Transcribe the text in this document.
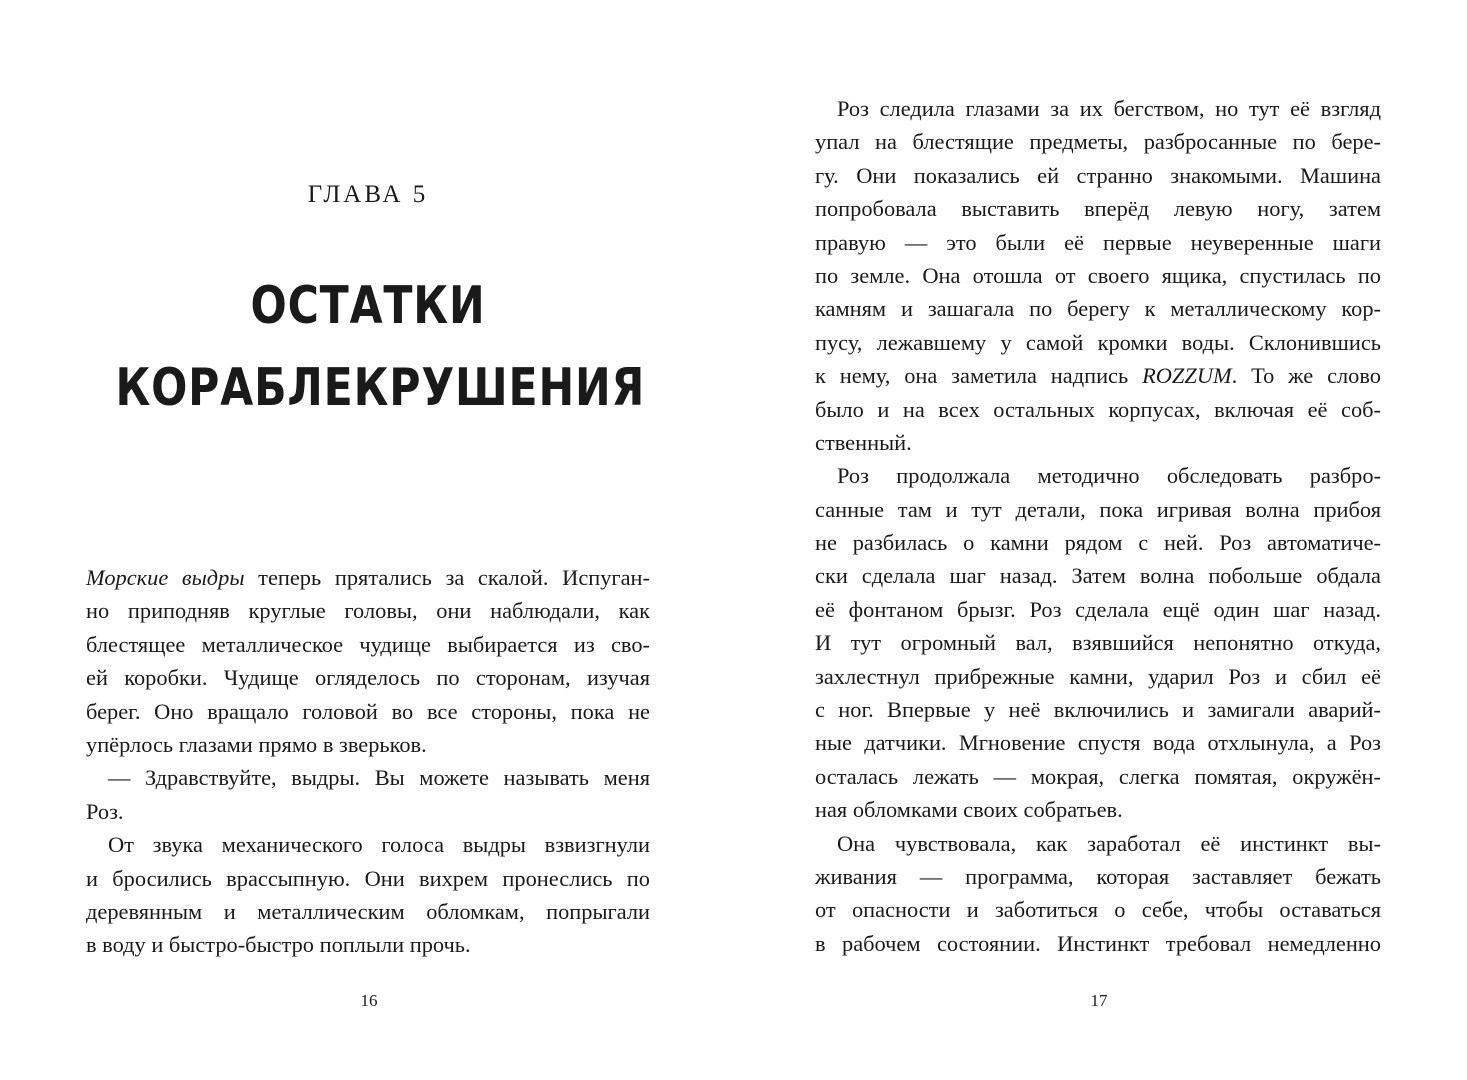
ГЛАВА 5
ОСТАТКИ
КОРАБЛЕКРУШЕНИЯ
Морские выдры теперь прятались за скалой. Испуган-
но приподняв круглые головы, они наблюдали, как
блестящее металлическое чудище выбирается из сво-
ей коробки. Чудище огляделось по сторонам, изучая
берег. Оно вращало головой во все стороны, пока не
упёрлось глазами прямо в зверьков.
— Здравствуйте, выдры. Вы можете называть меня
Роз.
От звука механического голоса выдры взвизгнули
и бросились врассыпную. Они вихрем пронеслись по
деревянным и металлическим обломкам, попрыгали
в воду и быстро-быстро поплыли прочь.
16
Роз следила глазами за их бегством, но тут её взгляд
упал на блестящие предметы, разбросанные по бере-
гу. Они показались ей странно знакомыми. Машина
попробовала выставить вперёд левую ногу, затем
правую — это были её первые неуверенные шаги
по земле. Она отошла от своего ящика, спустилась по
камням и зашагала по берегу к металлическому кор-
пусу, лежавшему у самой кромки воды. Склонившись
к нему, она заметила надпись ROZZUM. То же слово
было и на всех остальных корпусах, включая её соб-
ственный.
Роз продолжала методично обследовать разбро-
санные там и тут детали, пока игривая волна прибоя
не разбилась о камни рядом с ней. Роз автоматиче-
ски сделала шаг назад. Затем волна побольше обдала
её фонтаном брызг. Роз сделала ещё один шаг назад.
И тут огромный вал, взявшийся непонятно откуда,
захлестнул прибрежные камни, ударил Роз и сбил её
с ног. Впервые у неё включились и замигали аварий-
ные датчики. Мгновение спустя вода отхлынула, а Роз
осталась лежать — мокрая, слегка помятая, окружён-
ная обломками своих собратьев.
Она чувствовала, как заработал её инстинкт вы-
живания — программа, которая заставляет бежать
от опасности и заботиться о себе, чтобы оставаться
в рабочем состоянии. Инстинкт требовал немедленно
17
